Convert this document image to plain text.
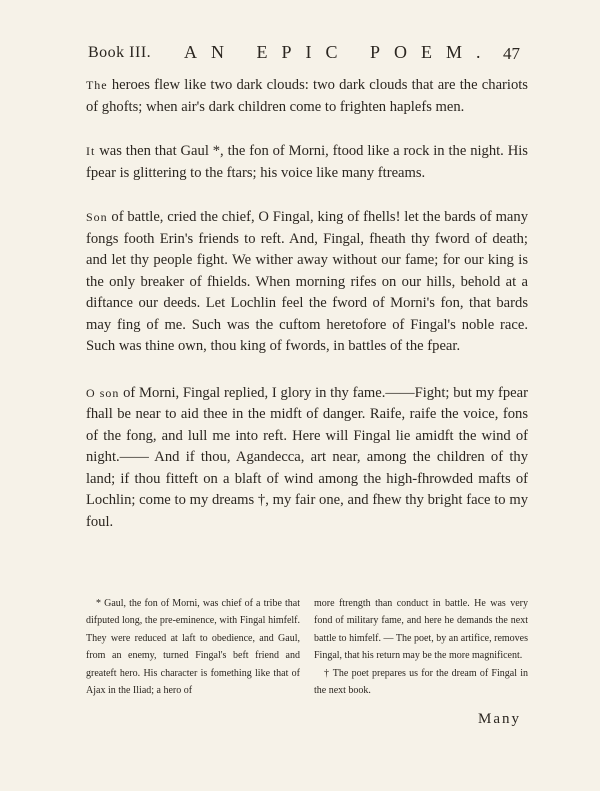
Book III. AN EPIC POEM. 47

The heroes flew like two dark clouds: two dark clouds that are the chariots of ghofts; when air's dark children come to frighten haplefs men.

It was then that Gaul *, the fon of Morni, ftood like a rock in the night. His fpear is glittering to the ftars; his voice like many ftreams.

Son of battle, cried the chief, O Fingal, king of fhells! let the bards of many fongs footh Erin's friends to reft. And, Fingal, fheath thy fword of death; and let thy people fight. We wither away without our fame; for our king is the only breaker of fhields. When morning rifes on our hills, behold at a diftance our deeds. Let Lochlin feel the fword of Morni's fon, that bards may fing of me. Such was the cuftom heretofore of Fingal's noble race. Such was thine own, thou king of fwords, in battles of the fpear.

O son of Morni, Fingal replied, I glory in thy fame.——Fight; but my fpear fhall be near to aid thee in the midft of danger. Raife, raife the voice, fons of the fong, and lull me into reft. Here will Fingal lie amidft the wind of night.—— And if thou, Agandecca, art near, among the children of thy land; if thou fitteft on a blaft of wind among the high-fhrowded mafts of Lochlin; come to my dreams †, my fair one, and fhew thy bright face to my foul.

* Gaul, the fon of Morni, was chief of a tribe that difputed long, the pre-eminence, with Fingal himfelf. They were reduced at laft to obedience, and Gaul, from an enemy, turned Fingal's beft friend and greateft hero. His character is fomething like that of Ajax in the Iliad; a hero of

more ftrength than conduct in battle. He was very fond of military fame, and here he demands the next battle to himfelf. — The poet, by an artifice, removes Fingal, that his return may be the more magnificent.

† The poet prepares us for the dream of Fingal in the next book.

Many
